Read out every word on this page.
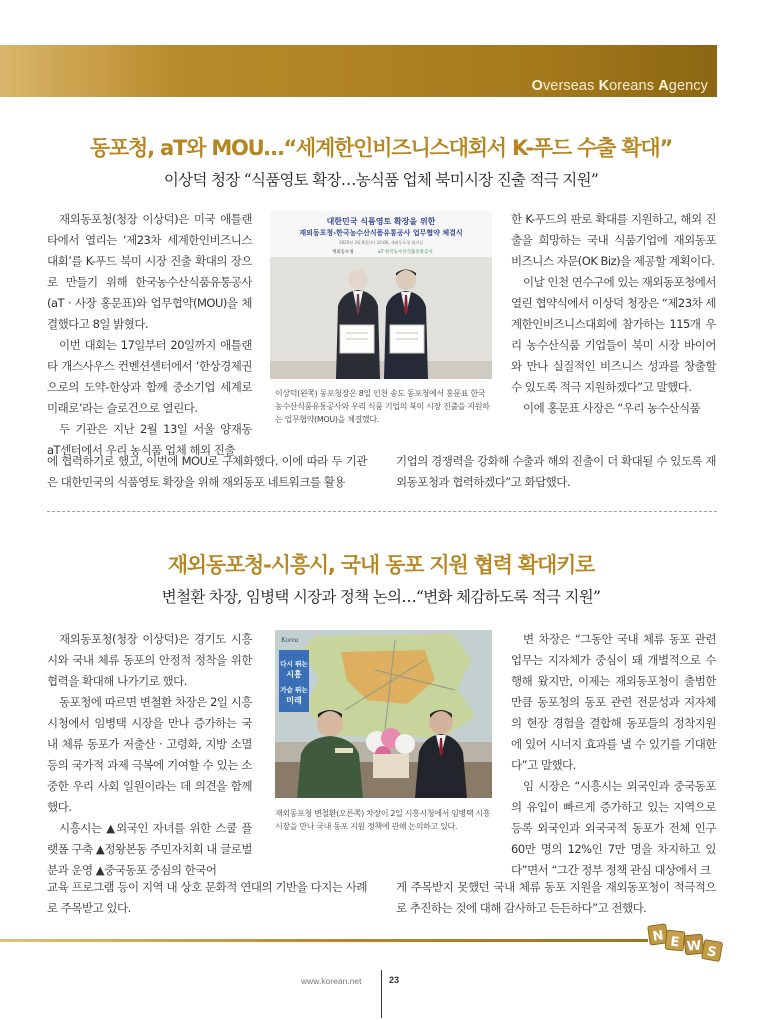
Overseas Koreans Agency
동포청, aT와 MOU…“세계한인비즈니스대회서 K-푸드 수출 확대”
이상덕 청장 “식품영토 확장…농식품 업체 북미시장 진출 적극 지원”

재외동포청(청장 이상덕)은 미국 애틀랜타에서 열리는 ‘제23차 세계한인비즈니스대회’를 K-푸드 북미 시장 진출 확대의 장으로 만들기 위해 한국농수산식품유통공사(aT · 사장 홍문표)와 업무협약(MOU)을 체결했다고 8일 밝혔다.

이번 대회는 17일부터 20일까지 애틀랜타 개스사우스 컨벤션센터에서 ‘한상경제권으로의 도약-한상과 함께 중소기업 세계로 미래로’라는 슬로건으로 열린다.

두 기관은 지난 2월 13일 서울 양재동 aT센터에서 우리 농식품 업체 해외 진출

대한민국 식품영토 확장을 위한
재외동포청-한국농수산식품유통공사 업무협약 체결식
2025년 3월 8일(토) 10:00, 재외동포청 회의실
재외동포청	aT 한국농수산식품유통공사
이상덕(왼쪽) 동포청장은 8일 인천 송도 동포청에서 홍문표 한국농수산식품유통공사와 우리 식품 기업의 북미 시장 진출을 지원하는 업무협약(MOU)을 체결했다.

한 K-푸드의 판로 확대를 지원하고, 해외 진출을 희망하는 국내 식품기업에 재외동포 비즈니스 자문(OK Biz)을 제공할 계획이다.

이날 인천 연수구에 있는 재외동포청에서 열린 협약식에서 이상덕 청장은 “제23차 세계한인비즈니스대회에 참가하는 115개 우리 농수산식품 기업들이 북미 시장 바이어와 만나 실질적인 비즈니스 성과를 창출할 수 있도록 적극 지원하겠다”고 말했다.

이에 홍문표 사장은 “우리 농수산식품

에 협력하기로 했고, 이번에 MOU로 구체화했다. 이에 따라 두 기관은 대한민국의 식품영토 확장을 위해 재외동포 네트워크를 활용
기업의 경쟁력을 강화해 수출과 해외 진출이 더 확대될 수 있도록 재외동포청과 협력하겠다”고 화답했다.
재외동포청-시흥시, 국내 동포 지원 협력 확대키로
변철환 차장, 임병택 시장과 정책 논의…“변화 체감하도록 적극 지원”

재외동포청(청장 이상덕)은 경기도 시흥시와 국내 체류 동포의 안정적 정착을 위한 협력을 확대해 나가기로 했다.

동포청에 따르면 변철환 차장은 2일 시흥시청에서 임병택 시장을 만나 증가하는 국내 체류 동포가 저출산 · 고령화, 지방 소멸 등의 국가적 과제 극복에 기여할 수 있는 소중한 우리 사회 일원이라는 데 의견을 함께했다.

시흥시는 ▲외국인 자녀를 위한 스쿨 플랫폼 구축 ▲정왕본동 주민자치회 내 글로벌 분과 운영 ▲중국동포 중심의 한국어

Korea
다시 뛰는
시흥
가슴 뛰는
미래
재외동포청 변철환(오른쪽) 차장이 2일 시흥시청에서 임병택 시흥시장을 만나 국내 동포 지원 정책에 관해 논의하고 있다.

변 차장은 “그동안 국내 체류 동포 관련 업무는 지자체가 중심이 돼 개별적으로 수행해 왔지만, 이제는 재외동포청이 출범한 만큼 동포청의 동포 관련 전문성과 지자체의 현장 경험을 결합해 동포들의 정착지원에 있어 시너지 효과를 낼 수 있기를 기대한다”고 말했다.

임 시장은 “시흥시는 외국인과 중국동포의 유입이 빠르게 증가하고 있는 지역으로 등록 외국인과 외국국적 동포가 전체 인구 60만 명의 12%인 7만 명을 차지하고 있다”면서 “그간 정부 정책 관심 대상에서 크

교육 프로그램 등이 지역 내 상호 문화적 연대의 기반을 다지는 사례로 주목받고 있다.
게 주목받지 못했던 국내 체류 동포 지원을 재외동포청이 적극적으로 추진하는 것에 대해 감사하고 든든하다”고 전했다.
N E W S
www.korean.net	23
